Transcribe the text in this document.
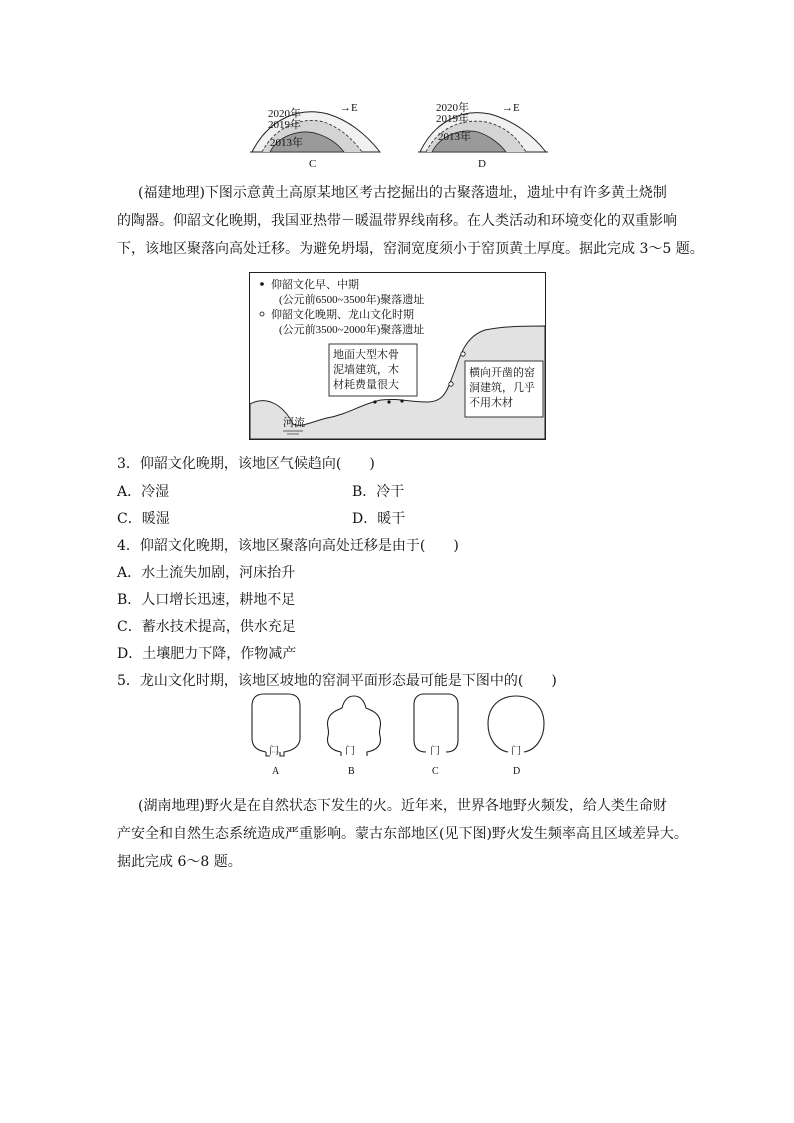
2020年
2019年
2013年
→E
C
2020年
2019年
2013年
→E
D
(福建地理)下图示意黄土高原某地区考古挖掘出的古聚落遗址，遗址中有许多黄土烧制
的陶器。仰韶文化晚期，我国亚热带－暖温带界线南移。在人类活动和环境变化的双重影响
下，该地区聚落向高处迁移。为避免坍塌，窑洞宽度须小于窑顶黄土厚度。据此完成 3～5 题。
河流
仰韶文化早、中期
(公元前6500~3500年)聚落遗址
仰韶文化晚期、龙山文化时期
(公元前3500~2000年)聚落遗址
地面大型木骨
泥墙建筑，木
材耗费量很大
横向开凿的窑
洞建筑，几乎
不用木材
3．仰韶文化晚期，该地区气候趋向(　　)
A．冷湿	B．冷干
C．暖湿	D．暖干
4．仰韶文化晚期，该地区聚落向高处迁移是由于(　　)
A．水土流失加剧，河床抬升
B．人口增长迅速，耕地不足
C．蓄水技术提高，供水充足
D．土壤肥力下降，作物减产
5．龙山文化时期，该地区坡地的窑洞平面形态最可能是下图中的(　　)
门
A
门
B
门
C
门
D
(湖南地理)野火是在自然状态下发生的火。近年来，世界各地野火频发，给人类生命财
产安全和自然生态系统造成严重影响。蒙古东部地区(见下图)野火发生频率高且区域差异大。
据此完成 6～8 题。
